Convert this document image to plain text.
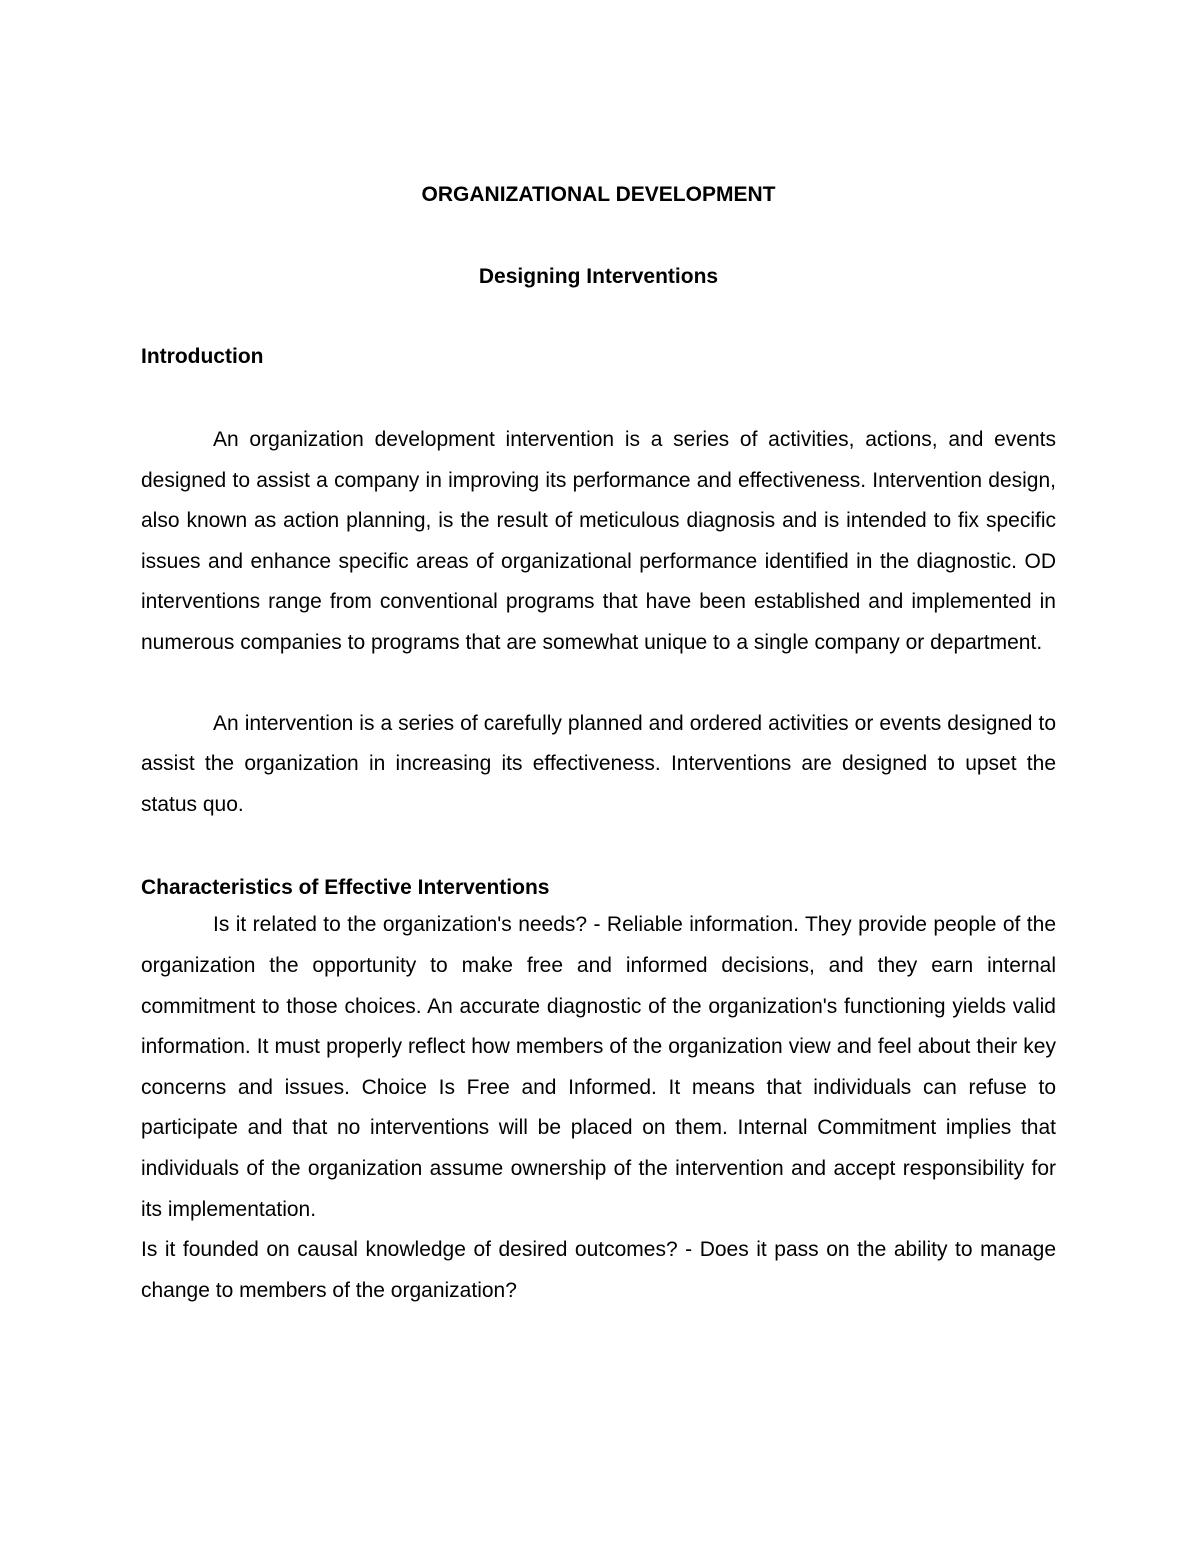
ORGANIZATIONAL DEVELOPMENT
Designing Interventions
Introduction

An organization development intervention is a series of activities, actions, and events designed to assist a company in improving its performance and effectiveness. Intervention design, also known as action planning, is the result of meticulous diagnosis and is intended to fix specific issues and enhance specific areas of organizational performance identified in the diagnostic. OD interventions range from conventional programs that have been established and implemented in numerous companies to programs that are somewhat unique to a single company or department.

An intervention is a series of carefully planned and ordered activities or events designed to assist the organization in increasing its effectiveness. Interventions are designed to upset the status quo.

Characteristics of Effective Interventions

Is it related to the organization's needs? - Reliable information. They provide people of the organization the opportunity to make free and informed decisions, and they earn internal commitment to those choices. An accurate diagnostic of the organization's functioning yields valid information. It must properly reflect how members of the organization view and feel about their key concerns and issues. Choice Is Free and Informed. It means that individuals can refuse to participate and that no interventions will be placed on them. Internal Commitment implies that individuals of the organization assume ownership of the intervention and accept responsibility for its implementation.

Is it founded on causal knowledge of desired outcomes? - Does it pass on the ability to manage change to members of the organization?
